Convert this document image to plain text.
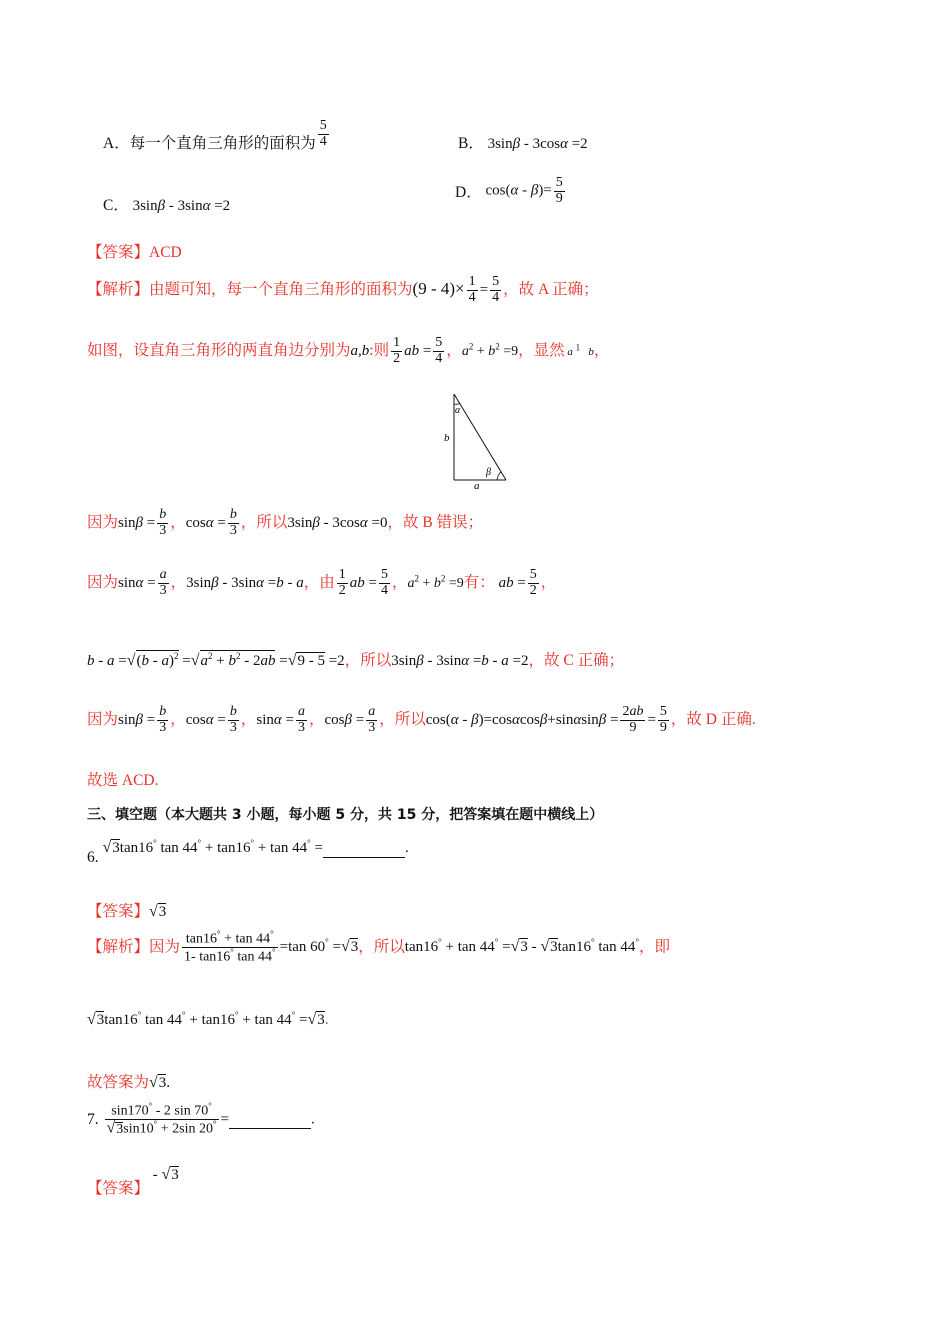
A．每一个直角三角形的面积为 $\frac{5}{4}$	B． 3sinβ - 3cosα =2
C． 3sinβ - 3sinα =2
D． $\cos(\alpha - \beta)= \frac{5}{9}$
【答案】ACD
【解析】由题可知，每一个直角三角形的面积为$(9 - 4)\times \frac{1}{4} = \frac{5}{4}$ ，故 A 正确；
如图，设直角三角形的两直角边分别为a,b:则 $\frac{1}{2}$ ab = $\frac{5}{4}$ ，$a^2 + b^2 =9$，显然 a $^1$ b，
α
b
β
a
因为$\sin\beta = \frac{b}{3}$ ，$\cos\alpha = \frac{b}{3}$ ，所以3sinβ - 3cosα =0，故 B 错误；
因为$\sin\alpha = \frac{a}{3}$ ，3sinβ - 3sinα =b - a，由 $\frac{1}{2}$ ab = $\frac{5}{4}$ ，$a^2 + b^2 =9$有： ab = $\frac{5}{2}$ ，
$b - a =√(b - a)^2 =√a^2 + b^2 - 2ab =√9 - 5 =2$，所以3sinβ - 3sinα =b - a =2，故 C 正确；
因为$\sin\beta = \frac{b}{3}$ ，$\cos\alpha = \frac{b}{3}$ ，$\sin\alpha = \frac{a}{3}$ ，$\cos\beta = \frac{a}{3}$ ，所以$\cos(\alpha - \beta)=\cos\alpha\cos\beta+\sin\alpha\sin\beta = \frac{2ab}{9} = \frac{5}{9}$ ，故 D 正确.
故选 ACD.
三、填空题（本大题共 3 小题，每小题 5 分，共 15 分，把答案填在题中横线上）
6. √3tan16° tan 44° + tan16° + tan 44° =	.
【答案】√3
【解析】因为 $\frac{\tan 16^\circ + \tan 44^\circ}{1- \tan 16^\circ \tan 44^\circ} =\tan$ 60° =√3，所以tan16° + tan 44° =√3 - √3tan16° tan 44°，即
√3tan16° tan 44° + tan16° + tan 44° =√3.
故答案为√3.
7. $\frac{\sin 170^\circ - 2 \sin 70^\circ}{√3\sin 10^\circ + 2\sin 20^\circ}$ =	.
【答案】 - √3
